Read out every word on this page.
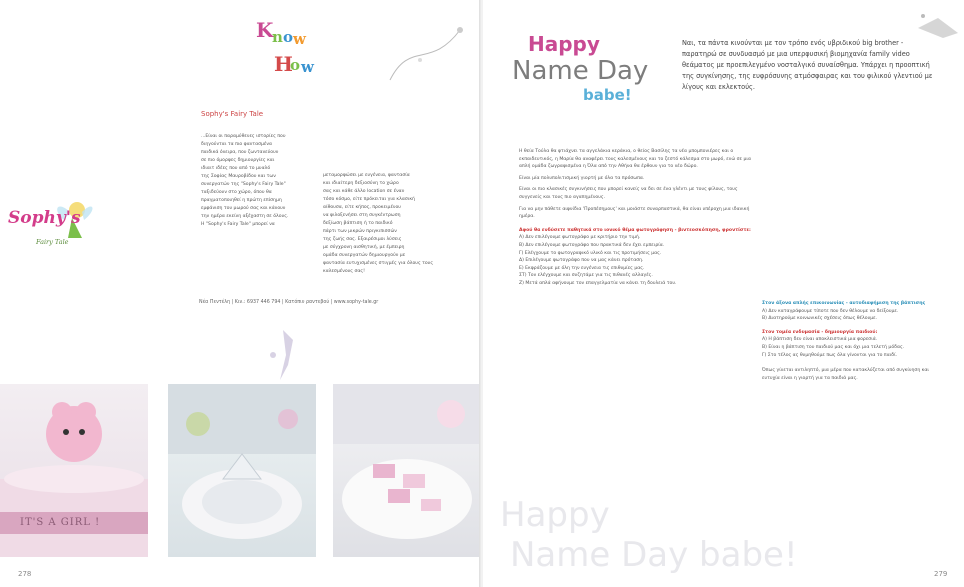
K
n o w
H
o w
Sophy's Fairy Tale
...Είναι οι παραμύθενες ιστορίες που
διηγούνται τα πιο φαντασμένα
παιδικά όνειρα, που ζωντανεύουν
σε πιο όμορφες δημιουργίες και
ιδιαιτ ιδέες που από το μυαλό
της Σοφίας Μαυροβίδου και των
συνεργατών της "Sophy's Fairy Tale"
ταξιδεύουν στο χώρο, όπου θα
πραγματοποιηθεί η πρώτη επίσημη
εμφάνιση του μωρού σας και κάνουν
την ημέρα εκείνη αξέχαστη σε όλους.
Η "Sophy's Fairy Tale" μπορεί να
μεταμορφώσει με ευγένεια, φαντασία
και ιδιαίτερη δεξιοσύνη το χώρο
σας και κάθε άλλο location σε έναν
τόσο κόσμο, είτε πρόκειται για κλασική
αίθουσα, είτε κήπος, προκειμένου
να φιλοξενήσει στη συγκέντρωση
δεξίωση βάπτιση ή το παιδικό
πάρτι των μικρών πριγκιπισσών
της ζωής σας. Εξαιρέσιμοι λύσεις
με σύγχρονη αισθητική, με έμπειρη
ομάδα συνεργατών δημιουργούν με
φαντασία ευτυχισμένες στιγμές για όλους τους
καλεσμένους σας!
Sophy's
Fairy Tale
Νέα Πεντέλη | Κιν.: 6937 446 794 | Κατόπιν ραντεβού | www.sophy-tale.gr
IT'S A GIRL !
278
Happy
Name Day
babe!
Ναι, τα πάντα κινούνται με τον τρόπο ενός υβριδικού big brother - παρατηρώ σε συνδυασμό με μια υπερφυσική βιομηχανία family video θεάματος με προεπιλεγμένο νοσταλγικό συναίσθημα. Υπάρχει η προοπτική της συγκίνησης, της ευφρόσυνης ατμόσφαιρας και του φιλικού γλεντιού με λίγους και εκλεκτούς.

Η θεία Τούλα θα φτιάχνει τα αγγελάκια κεράκια, ο θείος Βασίλης τα νέα μπομπονιέρες και ο εκπαιδευτικός, η Μαρία θα αναφέρει τους καλεσμένους και το ζεστό κάλεσμα στο μωρό, ενώ σε μια απλή ομάδα ζωγραφισμένα η Όλα από την Αθήνα θα έρθουν για το νέο δώρο.

Είναι μία πολυπολιτισμική γιορτή με όλα τα πρόσωπα.

Είναι οι πιο κλασικές συγκινήσεις που μπορεί κανείς να δει σε ένα γλέντι με τους φίλους, τους συγγενείς και τους πιο αγαπημένους.

Για να μην πάθετε αιφνίδια 'Προπέσημους' και μοιάστε συναρπαστικά, θα είναι υπέροχη μια ιδανική ημέρα.

Αφού θα ενδύσετε παθητικά στο ιονικό θέμα φωτογράφηση - βιντεοσκόπηση, φροντίστε:
Α) Δεν επιλέγουμε φωτογράφο με κριτήριο την τιμή.
Β) Δεν επιλέγουμε φωτογράφο που πρακτικά δεν έχει εμπειρία.
Γ) Ελέγχουμε το φωτογραφικό υλικό και τις προτιμήσεις μας.
Δ) Επιλέγουμε φωτογράφο που να μας κάνει πρόταση.
Ε) Εκφράζουμε με όλη την ευγένεια τις επιθυμίες μας.
ΣΤ) Τον ελέγχουμε και συζητάμε για τις πιθανές αλλαγές.
Ζ) Μετά απλά αφήνουμε τον επαγγελματία να κάνει τη δουλειά του.
Στον άξονα απλής επικοινωνίας - αυτοδιαφήμιση της βάπτισης
Α) Δεν καταγράφουμε τίποτε που δεν θέλουμε να δείξουμε.
Β) Διατηρούμε κοινωνικές σχέσεις όπως θέλουμε.
Στον τομέα ενδυμασία - δημιουργία παιδιού:
Α) Η βάπτιση δεν είναι αποκλειστικά μια φορεσιά.
Β) Είναι η βάπτιση του παιδιού μας και όχι μια τελετή μόδας.
Γ) Στο τέλος ας θυμηθούμε πως όλα γίνονται για το παιδί.

Όπως γίνεται αντιληπτό, μια μέρα που κατακλύζεται από συγκίνηση και ευτυχία είναι η γιορτή για τα παιδιά μας.

Happy
Name Day babe!	279
